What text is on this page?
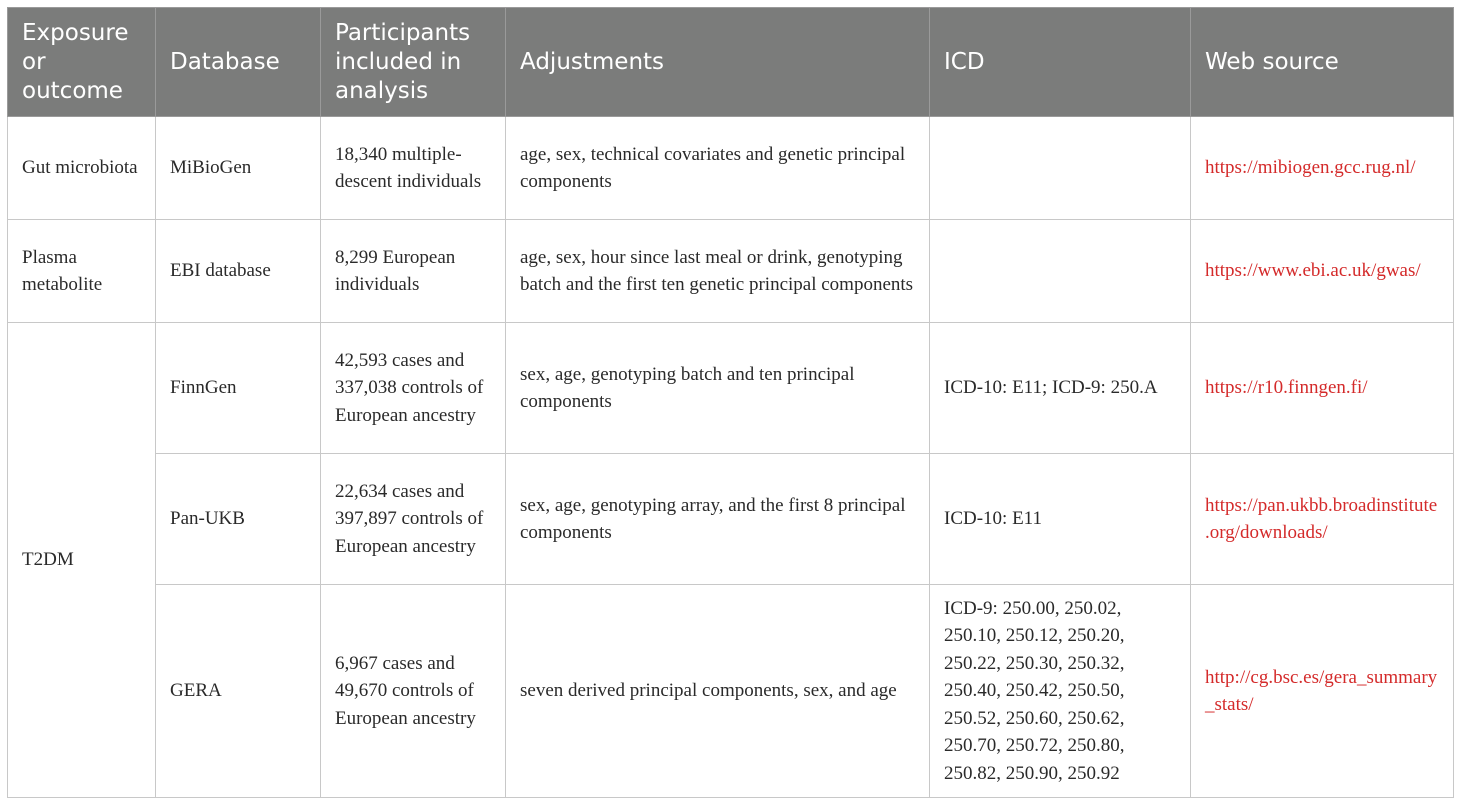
Exposure or outcome	Database	Participants included in analysis	Adjustments	ICD	Web source

Gut microbiota	MiBioGen	18,340 multiple-descent individuals	age, sex, technical covariates and genetic principal components		https://mibiogen.gcc.rug.nl/

Plasma metabolite	EBI database	8,299 European individuals	age, sex, hour since last meal or drink, genotyping batch and the first ten genetic principal components		https://www.ebi.ac.uk/gwas/

T2DM	FinnGen	42,593 cases and 337,038 controls of European ancestry	sex, age, genotyping batch and ten principal components	ICD-10: E11; ICD-9: 250.A	https://r10.finngen.fi/

	Pan-UKB	22,634 cases and 397,897 controls of European ancestry	sex, age, genotyping array, and the first 8 principal components	ICD-10: E11	https://pan.ukbb.broadinstitute.org/downloads/

	GERA	6,967 cases and 49,670 controls of European ancestry	seven derived principal components, sex, and age	ICD-9: 250.00, 250.02, 250.10, 250.12, 250.20, 250.22, 250.30, 250.32, 250.40, 250.42, 250.50, 250.52, 250.60, 250.62, 250.70, 250.72, 250.80, 250.82, 250.90, 250.92	http://cg.bsc.es/gera_summary_stats/
